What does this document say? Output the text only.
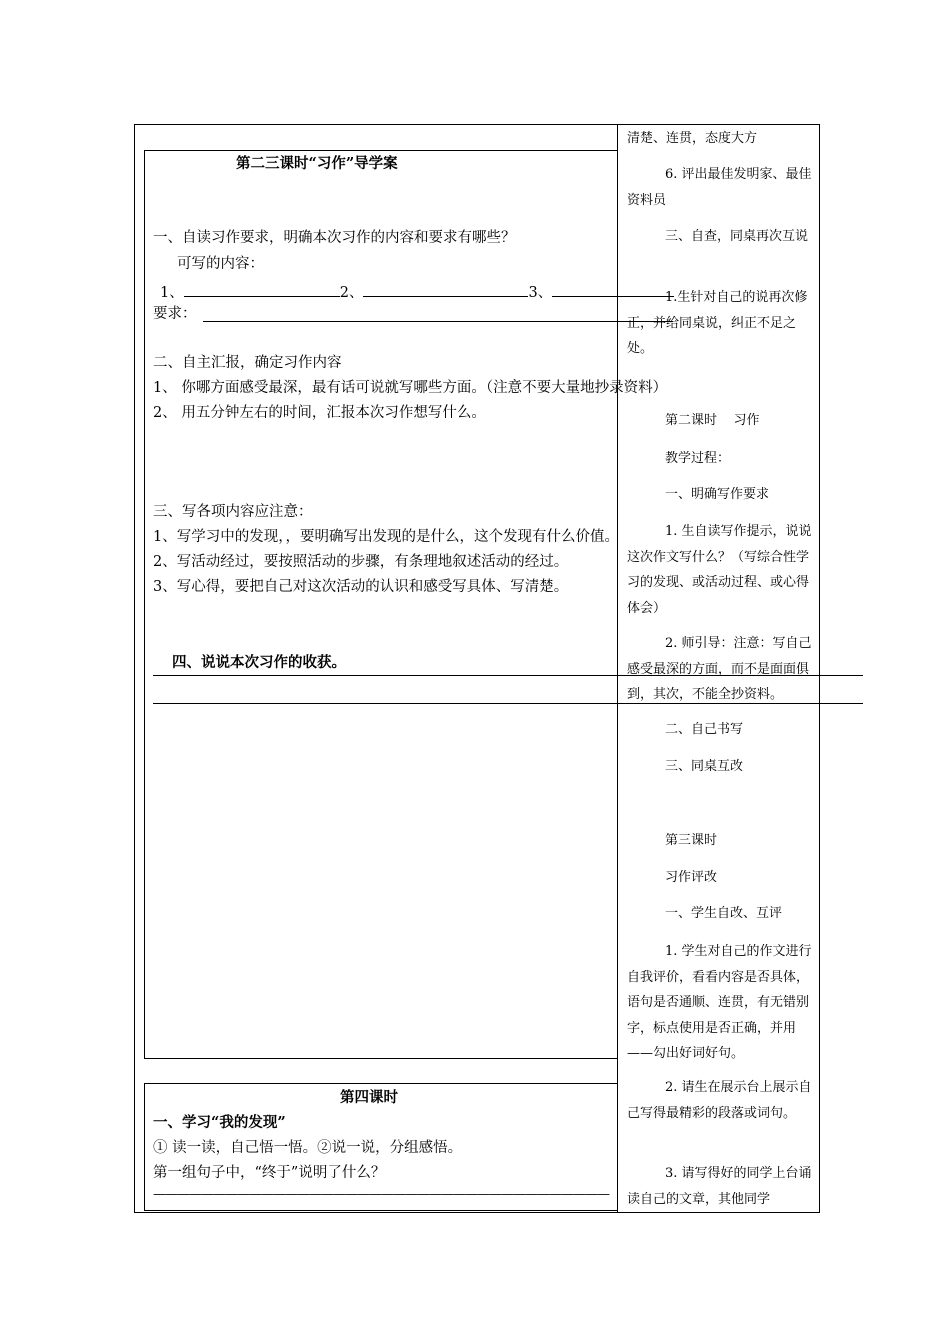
第二三课时“习作”导学案
一、自读习作要求，明确本次习作的内容和要求有哪些？
可写的内容：
1、	2、	3、
要求：
二、自主汇报，确定习作内容
1、 你哪方面感受最深，最有话可说就写哪些方面。（注意不要大量地抄录资料）
2、 用五分钟左右的时间，汇报本次习作想写什么。
三、写各项内容应注意：
1、写学习中的发现，，要明确写出发现的是什么，这个发现有什么价值。
2、写活动经过，要按照活动的步骤，有条理地叙述活动的经过。
3、写心得，要把自己对这次活动的认识和感受写具体、写清楚。
四、说说本次习作的收获。
第四课时
一、学习“我的发现”
① 读一读，自己悟一悟。②说一说，分组感悟。
第一组句子中，“终于”说明了什么？
——————————————————————————————————————
清楚、连贯，态度大方
6. 评出最佳发明家、最佳资料员
三、自查，同桌再次互说
1.生针对自己的说再次修正，并给同桌说，纠正不足之处。
第二课时    习作
教学过程：
一、明确写作要求
1. 生自读写作提示，说说这次作文写什么？（写综合性学习的发现、或活动过程、或心得体会）
2. 师引导：注意：写自己感受最深的方面，而不是面面俱到，其次，不能全抄资料。
二、自己书写
三、同桌互改
第三课时
习作评改
一、学生自改、互评
1. 学生对自己的作文进行自我评价，看看内容是否具体，语句是否通顺、连贯，有无错别字，标点使用是否正确，并用——勾出好词好句。
2. 请生在展示台上展示自己写得最精彩的段落或词句。
3. 请写得好的同学上台诵读自己的文章，其他同学
